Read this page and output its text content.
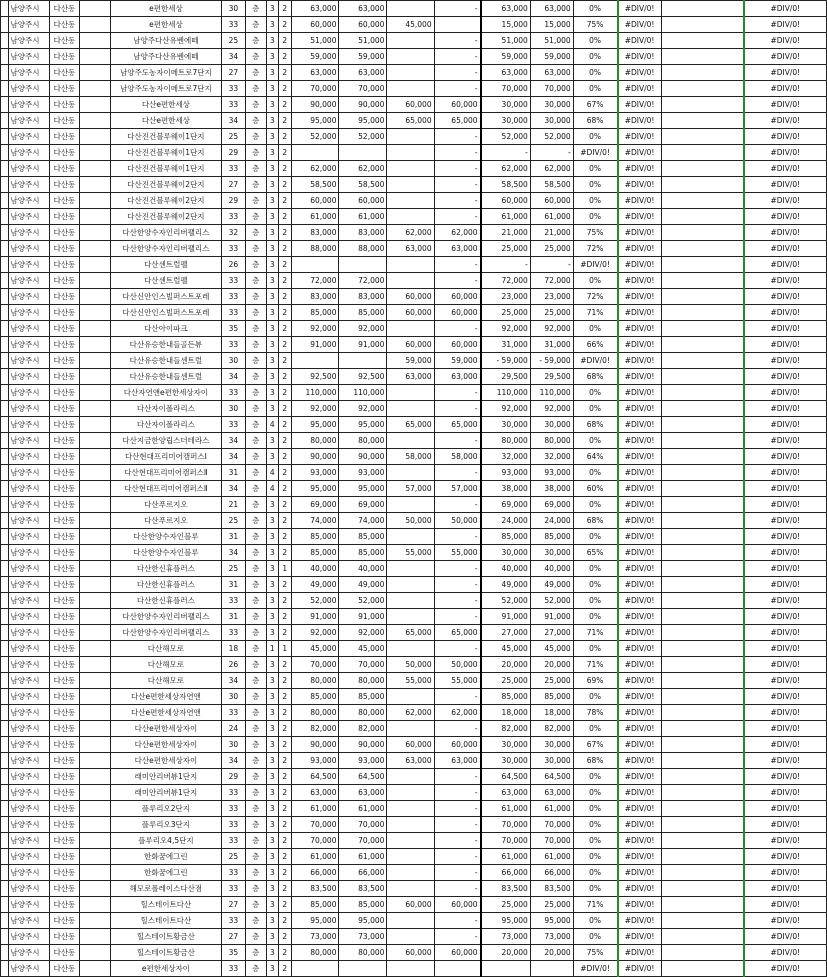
	남양주시	다산동		e편한세상	30	층	3	2	63,000	63,000		-	63,000	63,000	0%	#DIV/0!		#DIV/0!
	남양주시	다산동		e편한세상	33	층	3	2	60,000	60,000	45,000		15,000	15,000	75%	#DIV/0!		#DIV/0!
	남양주시	다산동		남양주다산유벤에떼	25	층	3	2	51,000	51,000		-	51,000	51,000	0%	#DIV/0!		#DIV/0!
	남양주시	다산동		남양주다산유벤에떼	34	층	3	2	59,000	59,000		-	59,000	59,000	0%	#DIV/0!		#DIV/0!
	남양주시	다산동		남양주도농자이메트로7단지	27	층	3	2	63,000	63,000		-	63,000	63,000	0%	#DIV/0!		#DIV/0!
	남양주시	다산동		남양주도농자이메트로7단지	33	층	3	2	70,000	70,000		-	70,000	70,000	0%	#DIV/0!		#DIV/0!
	남양주시	다산동		다산e편한세상	33	층	3	2	90,000	90,000	60,000	60,000	30,000	30,000	67%	#DIV/0!		#DIV/0!
	남양주시	다산동		다산e편한세상	34	층	3	2	95,000	95,000	65,000	65,000	30,000	30,000	68%	#DIV/0!		#DIV/0!
	남양주시	다산동		다산진건블루웨이1단지	25	층	3	2	52,000	52,000		-	52,000	52,000	0%	#DIV/0!		#DIV/0!
	남양주시	다산동		다산진건블루웨이1단지	29	층	3	2				-	-	-	#DIV/0!	#DIV/0!		#DIV/0!
	남양주시	다산동		다산진건블루웨이1단지	33	층	3	2	62,000	62,000		-	62,000	62,000	0%	#DIV/0!		#DIV/0!
	남양주시	다산동		다산진건블루웨이2단지	27	층	3	2	58,500	58,500		-	58,500	58,500	0%	#DIV/0!		#DIV/0!
	남양주시	다산동		다산진건블루웨이2단지	29	층	3	2	60,000	60,000		-	60,000	60,000	0%	#DIV/0!		#DIV/0!
	남양주시	다산동		다산진건블루웨이2단지	33	층	3	2	61,000	61,000		-	61,000	61,000	0%	#DIV/0!		#DIV/0!
	남양주시	다산동		다산한양수자인리버팰리스	32	층	3	2	83,000	83,000	62,000	62,000	21,000	21,000	75%	#DIV/0!		#DIV/0!
	남양주시	다산동		다산한양수자인리버팰리스	33	층	3	2	88,000	88,000	63,000	63,000	25,000	25,000	72%	#DIV/0!		#DIV/0!
	남양주시	다산동		다산센트럴팰	26	층	3	2				-	-	-	#DIV/0!	#DIV/0!		#DIV/0!
	남양주시	다산동		다산센트럴팰	33	층	3	2	72,000	72,000		-	72,000	72,000	0%	#DIV/0!		#DIV/0!
	남양주시	다산동		다산신안인스빌퍼스트포레	33	층	3	2	83,000	83,000	60,000	60,000	23,000	23,000	72%	#DIV/0!		#DIV/0!
	남양주시	다산동		다산신안인스빌퍼스트포레	33	층	3	2	85,000	85,000	60,000	60,000	25,000	25,000	71%	#DIV/0!		#DIV/0!
	남양주시	다산동		다산아이파크	35	층	3	2	92,000	92,000		-	92,000	92,000	0%	#DIV/0!		#DIV/0!
	남양주시	다산동		다산유승한내들골든뷰	33	층	3	2	91,000	91,000	60,000	60,000	31,000	31,000	66%	#DIV/0!		#DIV/0!
	남양주시	다산동		다산유승한내들센트럴	30	층	3	2			59,000	59,000	- 59,000	- 59,000	#DIV/0!	#DIV/0!		#DIV/0!
	남양주시	다산동		다산유승한내들센트럴	34	층	3	2	92,500	92,500	63,000	63,000	29,500	29,500	68%	#DIV/0!		#DIV/0!
	남양주시	다산동		다산자연앤e편한세상자이	33	층	3	2	110,000	110,000		-	110,000	110,000	0%	#DIV/0!		#DIV/0!
	남양주시	다산동		다산자이폴라리스	30	층	3	2	92,000	92,000		-	92,000	92,000	0%	#DIV/0!		#DIV/0!
	남양주시	다산동		다산자이폴라리스	33	층	4	2	95,000	95,000	65,000	65,000	30,000	30,000	68%	#DIV/0!		#DIV/0!
	남양주시	다산동		다산지금한양립스더테라스	34	층	3	2	80,000	80,000		-	80,000	80,000	0%	#DIV/0!		#DIV/0!
	남양주시	다산동		다산현대프리미어캠퍼스Ⅰ	34	층	3	2	90,000	90,000	58,000	58,000	32,000	32,000	64%	#DIV/0!		#DIV/0!
	남양주시	다산동		다산현대프리미어캠퍼스Ⅱ	31	층	4	2	93,000	93,000		-	93,000	93,000	0%	#DIV/0!		#DIV/0!
	남양주시	다산동		다산현대프리미어캠퍼스Ⅱ	34	층	4	2	95,000	95,000	57,000	57,000	38,000	38,000	60%	#DIV/0!		#DIV/0!
	남양주시	다산동		다산푸르지오	21	층	3	2	69,000	69,000		-	69,000	69,000	0%	#DIV/0!		#DIV/0!
	남양주시	다산동		다산푸르지오	25	층	3	2	74,000	74,000	50,000	50,000	24,000	24,000	68%	#DIV/0!		#DIV/0!
	남양주시	다산동		다산한양수자인블루	31	층	3	2	85,000	85,000		-	85,000	85,000	0%	#DIV/0!		#DIV/0!
	남양주시	다산동		다산한양수자인블루	34	층	3	2	85,000	85,000	55,000	55,000	30,000	30,000	65%	#DIV/0!		#DIV/0!
	남양주시	다산동		다산한신휴플러스	25	층	3	1	40,000	40,000		-	40,000	40,000	0%	#DIV/0!		#DIV/0!
	남양주시	다산동		다산한신휴플러스	31	층	3	2	49,000	49,000		-	49,000	49,000	0%	#DIV/0!		#DIV/0!
	남양주시	다산동		다산한신휴플러스	33	층	3	2	52,000	52,000		-	52,000	52,000	0%	#DIV/0!		#DIV/0!
	남양주시	다산동		다산한양수자인리버팰리스	31	층	3	2	91,000	91,000		-	91,000	91,000	0%	#DIV/0!		#DIV/0!
	남양주시	다산동		다산한양수자인리버팰리스	33	층	3	2	92,000	92,000	65,000	65,000	27,000	27,000	71%	#DIV/0!		#DIV/0!
	남양주시	다산동		다산해모로	18	층	1	1	45,000	45,000		-	45,000	45,000	0%	#DIV/0!		#DIV/0!
	남양주시	다산동		다산해모로	26	층	3	2	70,000	70,000	50,000	50,000	20,000	20,000	71%	#DIV/0!		#DIV/0!
	남양주시	다산동		다산해모로	34	층	3	2	80,000	80,000	55,000	55,000	25,000	25,000	69%	#DIV/0!		#DIV/0!
	남양주시	다산동		다산e편한세상자연앤	30	층	3	2	85,000	85,000		-	85,000	85,000	0%	#DIV/0!		#DIV/0!
	남양주시	다산동		다산e편한세상자연앤	33	층	3	2	80,000	80,000	62,000	62,000	18,000	18,000	78%	#DIV/0!		#DIV/0!
	남양주시	다산동		다산e편한세상자이	24	층	3	2	82,000	82,000		-	82,000	82,000	0%	#DIV/0!		#DIV/0!
	남양주시	다산동		다산e편한세상자이	30	층	3	2	90,000	90,000	60,000	60,000	30,000	30,000	67%	#DIV/0!		#DIV/0!
	남양주시	다산동		다산e편한세상자이	34	층	3	2	93,000	93,000	63,000	63,000	30,000	30,000	68%	#DIV/0!		#DIV/0!
	남양주시	다산동		래미안리버뷰1단지	29	층	3	2	64,500	64,500		-	64,500	64,500	0%	#DIV/0!		#DIV/0!
	남양주시	다산동		래미안리버뷰1단지	33	층	3	2	63,000	63,000		-	63,000	63,000	0%	#DIV/0!		#DIV/0!
	남양주시	다산동		플루리오2단지	33	층	3	2	61,000	61,000		-	61,000	61,000	0%	#DIV/0!		#DIV/0!
	남양주시	다산동		플루리오3단지	33	층	3	2	70,000	70,000		-	70,000	70,000	0%	#DIV/0!		#DIV/0!
	남양주시	다산동		플루리오4,5단지	33	층	3	2	70,000	70,000		-	70,000	70,000	0%	#DIV/0!		#DIV/0!
	남양주시	다산동		한화꿈에그린	25	층	3	2	61,000	61,000		-	61,000	61,000	0%	#DIV/0!		#DIV/0!
	남양주시	다산동		한화꿈에그린	33	층	3	2	66,000	66,000		-	66,000	66,000	0%	#DIV/0!		#DIV/0!
	남양주시	다산동		해모로폴레이스다산점	33	층	3	2	83,500	83,500		-	83,500	83,500	0%	#DIV/0!		#DIV/0!
	남양주시	다산동		힐스테이트다산	27	층	3	2	85,000	85,000	60,000	60,000	25,000	25,000	71%	#DIV/0!		#DIV/0!
	남양주시	다산동		힐스테이트다산	33	층	3	2	95,000	95,000		-	95,000	95,000	0%	#DIV/0!		#DIV/0!
	남양주시	다산동		힐스테이트황금산	27	층	3	2	73,000	73,000		-	73,000	73,000	0%	#DIV/0!		#DIV/0!
	남양주시	다산동		힐스테이트황금산	35	층	3	2	80,000	80,000	60,000	60,000	20,000	20,000	75%	#DIV/0!		#DIV/0!
	남양주시	다산동		e편한세상자이	33	층	3	2							#DIV/0!	#DIV/0!		#DIV/0!
